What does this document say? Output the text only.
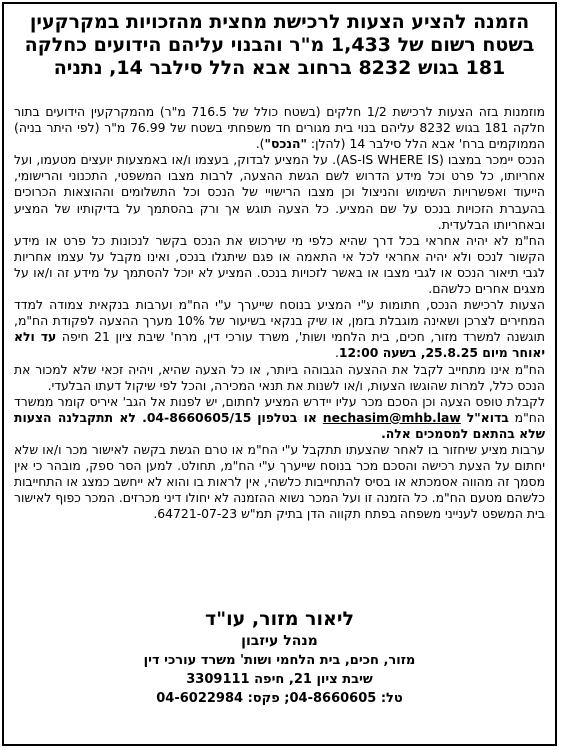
הזמנה להציע הצעות לרכישת מחצית מהזכויות במקרקעין
בשטח רשום של 1,433 מ"ר והבנוי עליהם הידועים כחלקה
181 בגוש 8232 ברחוב אבא הלל סילבר 14, נתניה

מוזמנות בזה הצעות לרכישת 1/2 חלקים (בשטח כולל של 716.5 מ"ר) מהמקרקעין הידועים בתור חלקה 181 בגוש 8232 עליהם בנוי בית מגורים חד משפחתי בשטח של 76.99 מ"ר (לפי היתר בניה) הממוקמים ברח' אבא הלל סילבר 14 (להלן: "הנכס").

הנכס יימכר במצבו (AS-IS WHERE IS). על המציע לבדוק, בעצמו ו/או באמצעות יועצים מטעמו, ועל אחריותו, כל פרט וכל מידע הדרוש לשם הגשת ההצעה, לרבות מצבו המשפטי, התכנוני והרישומי, הייעוד ואפשרויות השימוש והניצול וכן מצבו הרישויי של הנכס וכל התשלומים וההוצאות הכרוכים בהעברת הזכויות בנכס על שם המציע. כל הצעה תוגש אך ורק בהסתמך על בדיקותיו של המציע ובאחריותו הבלעדית.

הח"מ לא יהיה אחראי בכל דרך שהיא כלפי מי שירכוש את הנכס בקשר לנכונות כל פרט או מידע הקשור לנכס ולא יהיה אחראי לכל אי התאמה או פגם שיתגלו בנכס, ואינו מקבל על עצמו אחריות לגבי תיאור הנכס או לגבי מצבו או באשר לזכויות בנכס. המציע לא יוכל להסתמך על מידע זה ו/או על מצגים אחרים כלשהם.

הצעות לרכישת הנכס, חתומות ע"י המציע בנוסח שייערך ע"י הח"מ וערבות בנקאית צמודה למדד המחירים לצרכן ושאינה מוגבלת בזמן, או שיק בנקאי בשיעור של 10% מערך ההצעה לפקודת הח"מ, תוגשנה למשרד מזור, חכים, בית הלחמי ושות', משרד עורכי דין, מרח' שיבת ציון 21 חיפה עד ולא יאוחר מיום 25.8.25, בשעה 12:00.

הח"מ אינו מתחייב לקבל את ההצעה הגבוהה ביותר, או כל הצעה שהיא, ויהיה זכאי שלא למכור את הנכס כלל, למרות שהוגשו הצעות, ו/או לשנות את תנאי המכירה, והכל לפי שיקול דעתו הבלעדי.

לקבלת טופס הצעה וכן הסכם מכר עליו יידרש המציע לחתום, יש לפנות אל הגב' איריס קומר ממשרד הח"מ בדוא"ל nechasim@mhb.law או בטלפון 04-8660605/15. לא תתקבלנה הצעות שלא בהתאם למסמכים אלה.

ערבות מציע שיחזור בו לאחר שהצעתו תתקבל ע"י הח"מ או טרם הגשת בקשה לאישור מכר ו/או שלא יחתום על הצעת רכישה והסכם מכר בנוסח שייערך ע"י הח"מ, תחולט. למען הסר ספק, מובהר כי אין מסמך זה מהווה אסמכתא או בסיס להתחייבות כלשהי, אין לראות בו והוא לא ייחשב כמצג או התחייבות כלשהם מטעם הח"מ. כל הזמנה זו ועל המכר נשוא ההזמנה לא יחולו דיני מכרזים. המכר כפוף לאישור בית המשפט לענייני משפחה בפתח תקווה הדן בתיק תמ"ש 64721-07-23.

ליאור מזור, עו"ד
מנהל עיזבון
מזור, חכים, בית הלחמי ושות' משרד עורכי דין
שיבת ציון 21, חיפה 3309111
טל: 04-8660605; פקס: 04-6022984
